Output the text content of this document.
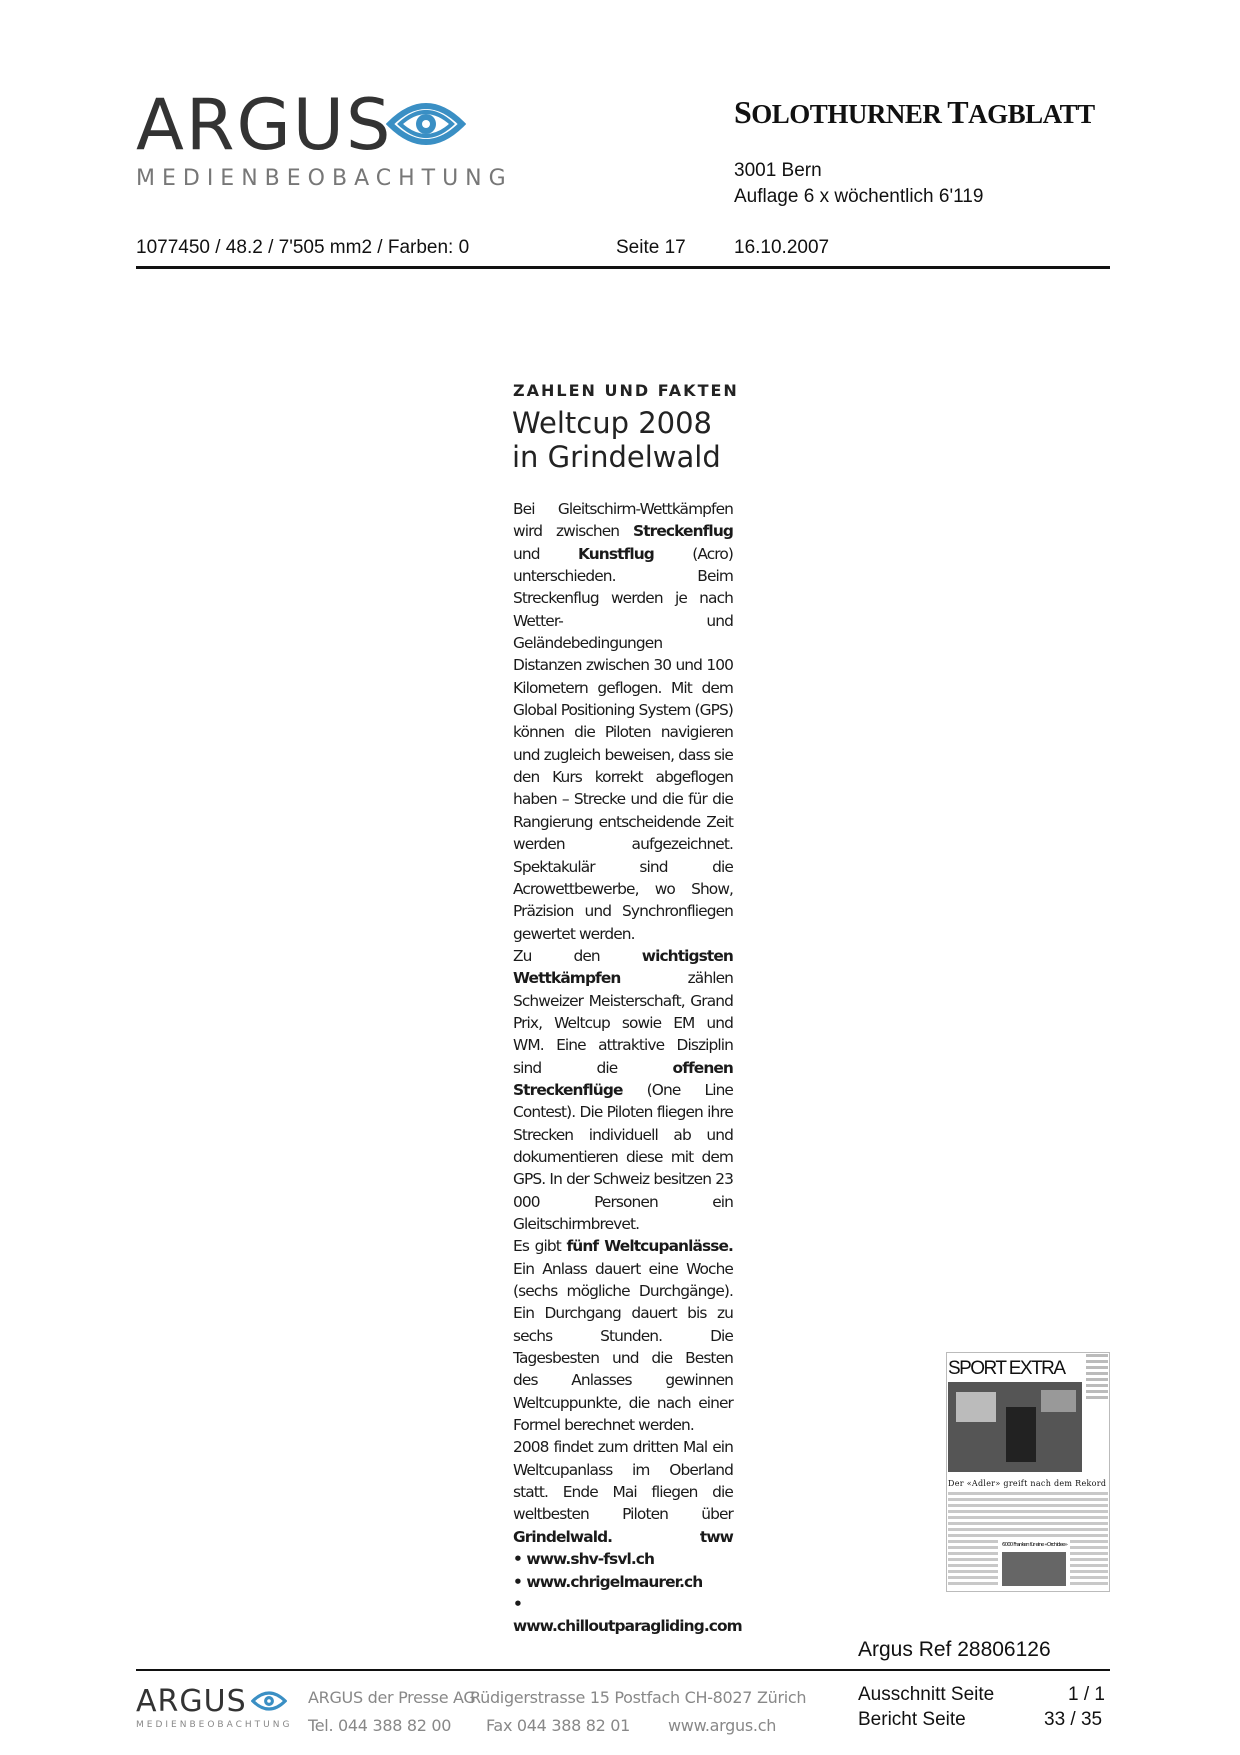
ARGUS
MEDIENBEOBACHTUNG
SOLOTHURNER  TAGBLATT
3001 Bern
Auflage 6 x wöchentlich 6'119
1077450 / 48.2 / 7'505 mm2 / Farben: 0	Seite 17	16.10.2007
ZAHLEN UND FAKTEN
Weltcup 2008
in Grindelwald

Bei Gleitschirm-Wettkämpfen wird zwischen Streckenflug und Kunstflug (Acro) unterschieden. Beim Streckenflug werden je nach Wetter- und Geländebedingungen Distanzen zwischen 30 und 100 Kilometern geflogen. Mit dem Global Positioning System (GPS) können die Piloten navigieren und zugleich beweisen, dass sie den Kurs korrekt abgeflogen haben – Strecke und die für die Rangierung entscheidende Zeit werden aufgezeichnet. Spektakulär sind die Acrowettbewerbe, wo Show, Präzision und Synchronfliegen gewertet werden.

Zu den wichtigsten Wettkämpfen zählen Schweizer Meisterschaft, Grand Prix, Weltcup sowie EM und WM. Eine attraktive Disziplin sind die offenen Streckenflüge (One Line Contest). Die Piloten fliegen ihre Strecken individuell ab und dokumentieren diese mit dem GPS. In der Schweiz besitzen 23 000 Personen ein Gleitschirmbrevet.

Es gibt fünf Weltcupanlässe. Ein Anlass dauert eine Woche (sechs mögliche Durchgänge). Ein Durchgang dauert bis zu sechs Stunden. Die Tagesbesten und die Besten des Anlasses gewinnen Weltcuppunkte, die nach einer Formel berechnet werden.

2008 findet zum dritten Mal ein Weltcupanlass im Oberland statt. Ende Mai fliegen die weltbesten Piloten über Grindelwald.	tww

• www.shv-fsvl.ch
• www.chrigelmaurer.ch
• www.chilloutparagliding.com
SPORT EXTRA
Der «Adler» greift nach dem Rekord
6000 Franken für eine «Orchidee»
Argus Ref 28806126
ARGUS
MEDIENBEOBACHTUNG
ARGUS der Presse AG
Rüdigerstrasse 15 Postfach CH-8027 Zürich
Tel. 044 388 82 00 Fax 044 388 82 01 www.argus.ch
Ausschnitt Seite	1 / 1
Bericht Seite	33 / 35
